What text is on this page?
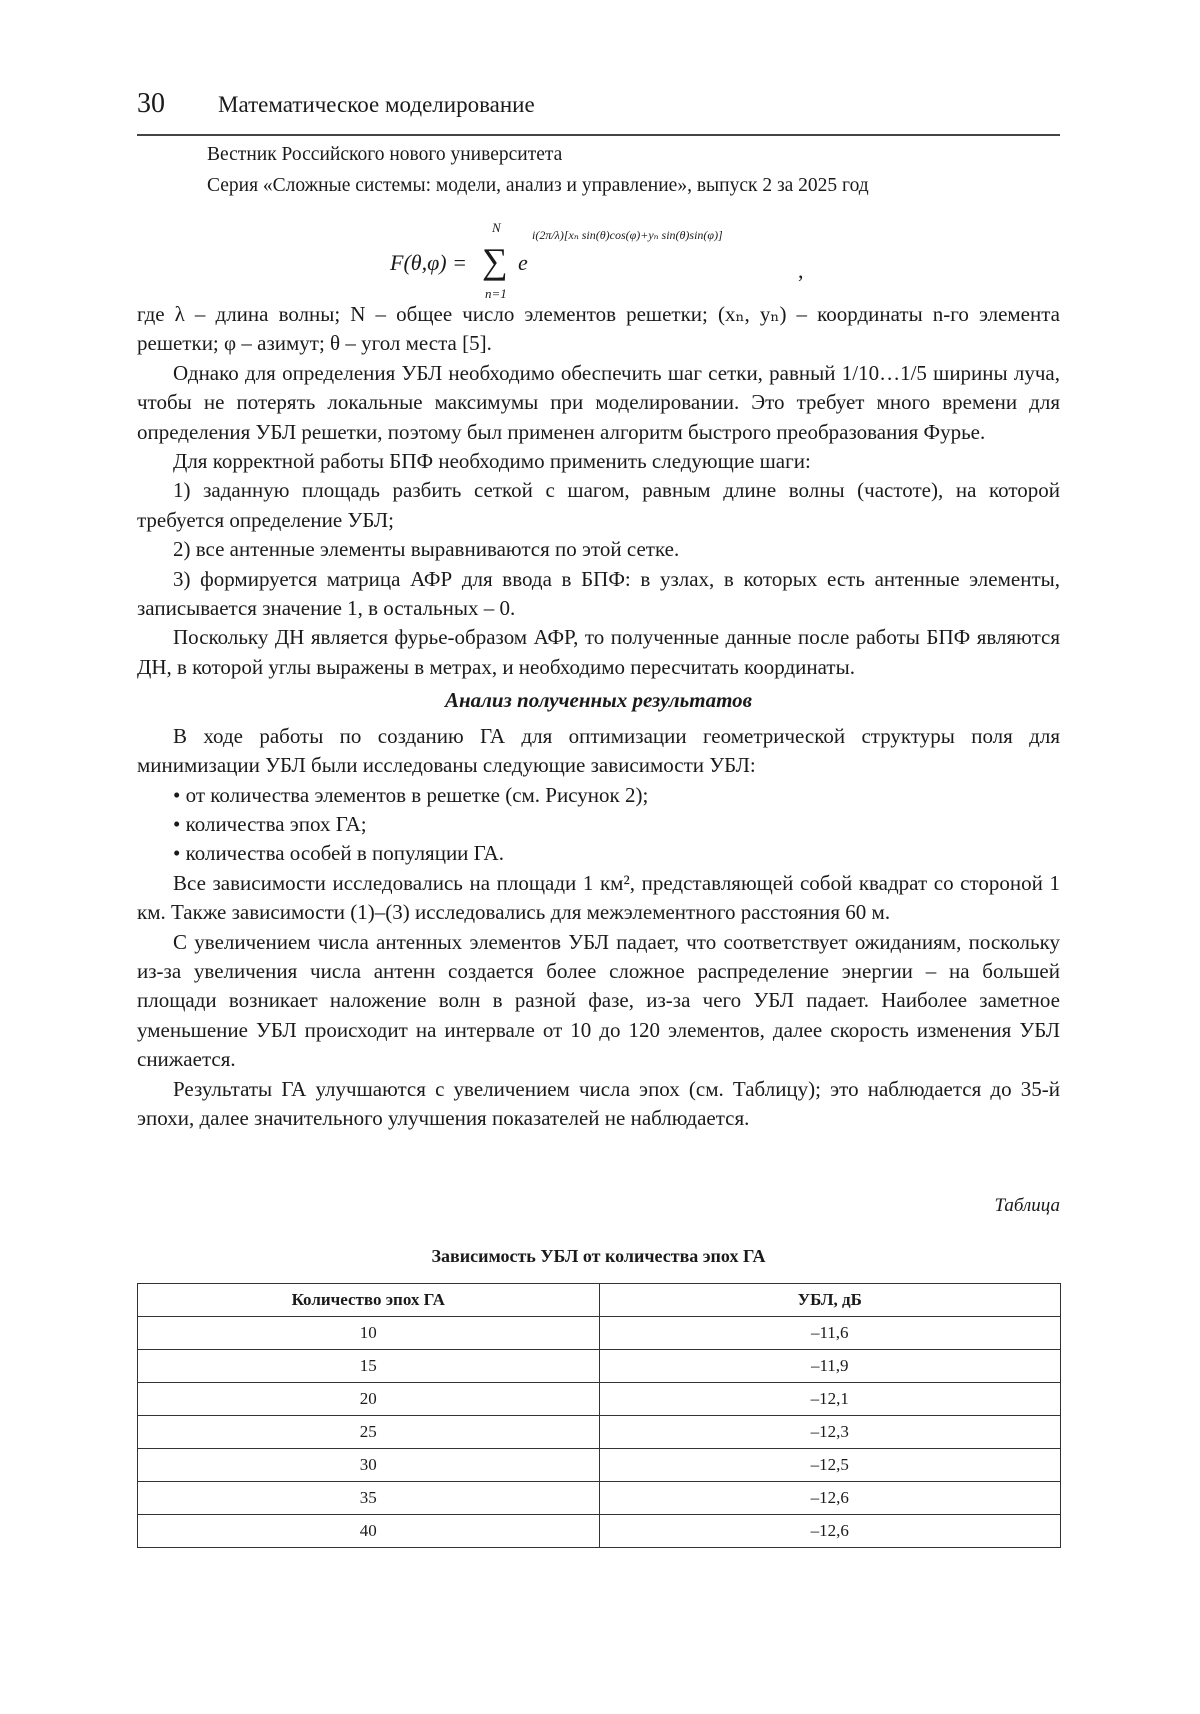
30 Математическое моделирование
Вестник Российского нового университета
Серия «Сложные системы: модели, анализ и управление», выпуск 2 за 2025 год
F(θ,φ) =
N
∑
n=1
e
i(2π/λ)[xₙ sin(θ)cos(φ)+yₙ sin(θ)sin(φ)]
,

где λ – длина волны; N – общее число элементов решетки; (xₙ, yₙ) – координаты n-го элемента решетки; φ – азимут; θ – угол места [5].

Однако для определения УБЛ необходимо обеспечить шаг сетки, равный 1/10…1/5 ширины луча, чтобы не потерять локальные максимумы при моделировании. Это требует много времени для определения УБЛ решетки, поэтому был применен алгоритм быстрого преобразования Фурье.

Для корректной работы БПФ необходимо применить следующие шаги:

1) заданную площадь разбить сеткой с шагом, равным длине волны (частоте), на которой требуется определение УБЛ;

2) все антенные элементы выравниваются по этой сетке.

3) формируется матрица АФР для ввода в БПФ: в узлах, в которых есть антенные элементы, записывается значение 1, в остальных – 0.

Поскольку ДН является фурье-образом АФР, то полученные данные после работы БПФ являются ДН, в которой углы выражены в метрах, и необходимо пересчитать координаты.

Анализ полученных результатов

В ходе работы по созданию ГА для оптимизации геометрической структуры поля для минимизации УБЛ были исследованы следующие зависимости УБЛ:

• от количества элементов в решетке (см. Рисунок 2);

• количества эпох ГА;

• количества особей в популяции ГА.

Все зависимости исследовались на площади 1 км², представляющей собой квадрат со стороной 1 км. Также зависимости (1)–(3) исследовались для межэлементного расстояния 60 м.

С увеличением числа антенных элементов УБЛ падает, что соответствует ожиданиям, поскольку из-за увеличения числа антенн создается более сложное распределение энергии – на большей площади возникает наложение волн в разной фазе, из-за чего УБЛ падает. Наиболее заметное уменьшение УБЛ происходит на интервале от 10 до 120 элементов, далее скорость изменения УБЛ снижается.

Результаты ГА улучшаются с увеличением числа эпох (см. Таблицу); это наблюдается до 35-й эпохи, далее значительного улучшения показателей не наблюдается.

Таблица
Зависимость УБЛ от количества эпох ГА
Количество эпох ГА	УБЛ, дБ
10	–11,6
15	–11,9
20	–12,1
25	–12,3
30	–12,5
35	–12,6
40	–12,6
